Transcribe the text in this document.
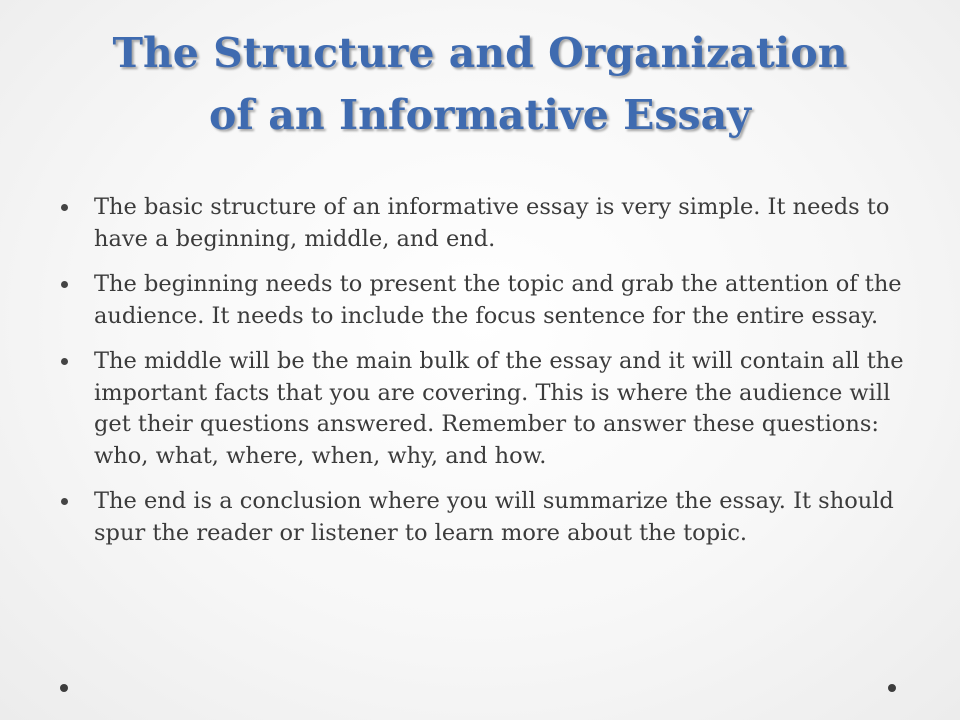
The Structure and Organization
of an Informative Essay
The basic structure of an informative essay is very simple. It needs to have a beginning, middle, and end.
The beginning needs to present the topic and grab the attention of the audience. It needs to include the focus sentence for the entire essay.
The middle will be the main bulk of the essay and it will contain all the important facts that you are covering. This is where the audience will get their questions answered. Remember to answer these questions: who, what, where, when, why, and how.
The end is a conclusion where you will summarize the essay. It should spur the reader or listener to learn more about the topic.
